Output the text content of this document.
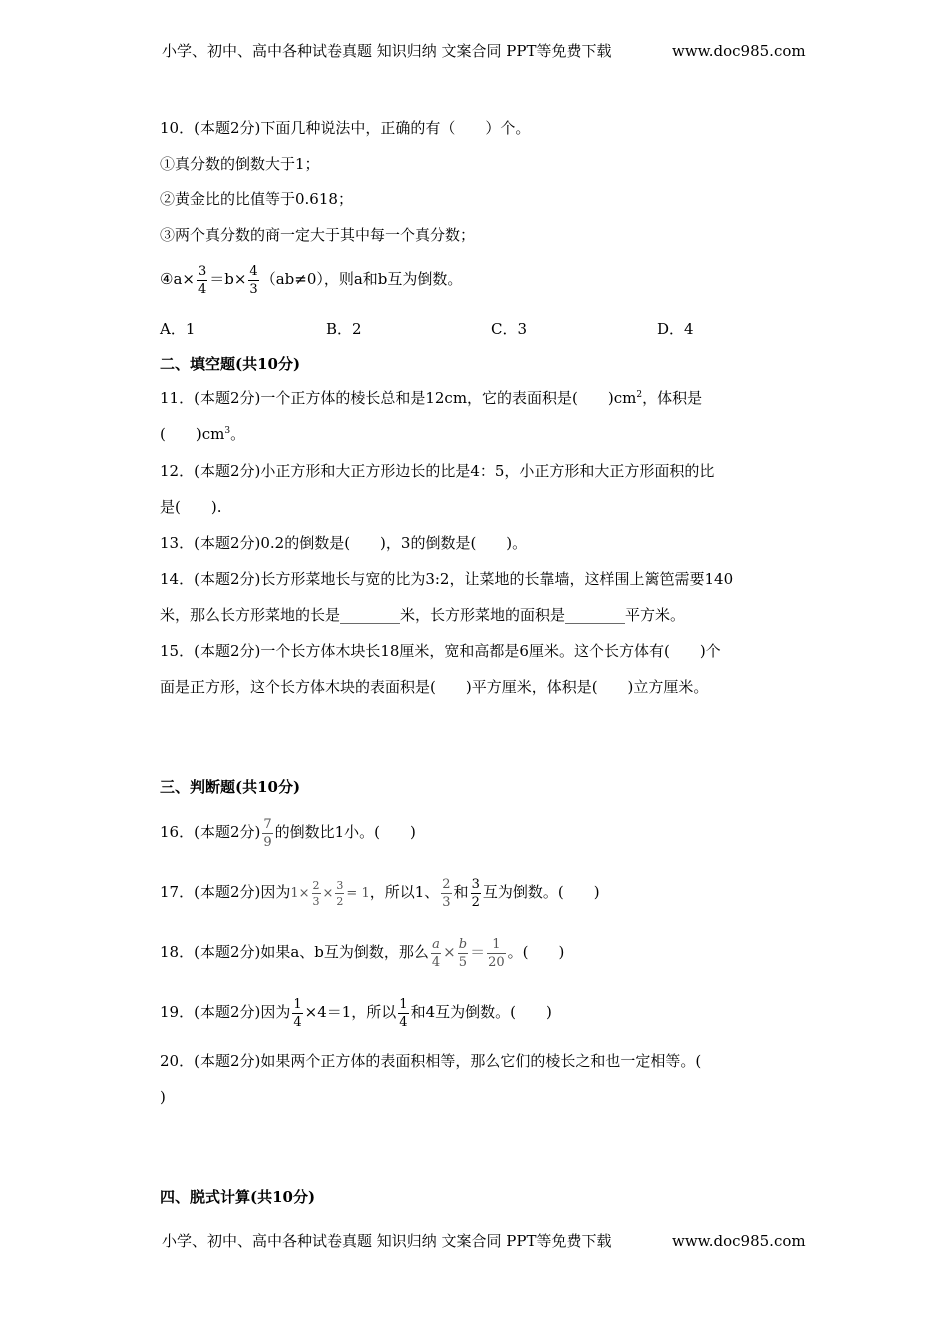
小学、初中、高中各种试卷真题 知识归纳 文案合同 PPT等免费下载	www.doc985.com
10．(本题2分)下面几种说法中，正确的有（　　）个。
①真分数的倒数大于1；
②黄金比的比值等于0.618；
③两个真分数的商一定大于其中每一个真分数；
④a× $\frac{3}{4} =b\times \frac{4}{3} (ab\ne 0)$，则a和b互为倒数。
A．1	B．2	C．3	D．4
二、填空题(共10分)
11．(本题2分)一个正方体的棱长总和是12cm，它的表面积是(　　)$cm^2$，体积是
(　　)$cm^3$。
12．(本题2分)小正方形和大正方形边长的比是4：5，小正方形和大正方形面积的比
是(　　).
13．(本题2分)0.2的倒数是(　　)，3的倒数是(　　)。
14．(本题2分)长方形菜地长与宽的比为3:2，让菜地的长靠墙，这样围上篱笆需要140
米，那么长方形菜地的长是________米，长方形菜地的面积是________平方米。
15．(本题2分)一个长方体木块长18厘米，宽和高都是6厘米。这个长方体有(　　)个
面是正方形，这个长方体木块的表面积是(　　)平方厘米，体积是(　　)立方厘米。
三、判断题(共10分)
16．(本题2分) $\frac{7}{9}$ 的倒数比1小。(　　)
17．(本题2分)因为$1\times \frac{2}{3} \times \frac{3}{2} = 1$，所以1、 $\frac{2}{3}$ 和 $\frac{3}{2}$ 互为倒数。(　　)
18．(本题2分)如果a、b互为倒数，那么 $\frac{a}{4} \times \frac{b}{5} = \frac{1}{20}$ 。(　　)
19．(本题2分)因为 $\frac{1}{4} \times 4=1$，所以 $\frac{1}{4}$ 和4互为倒数。(　　)
20．(本题2分)如果两个正方体的表面积相等，那么它们的棱长之和也一定相等。(
)
四、脱式计算(共10分)
小学、初中、高中各种试卷真题 知识归纳 文案合同 PPT等免费下载	www.doc985.com
